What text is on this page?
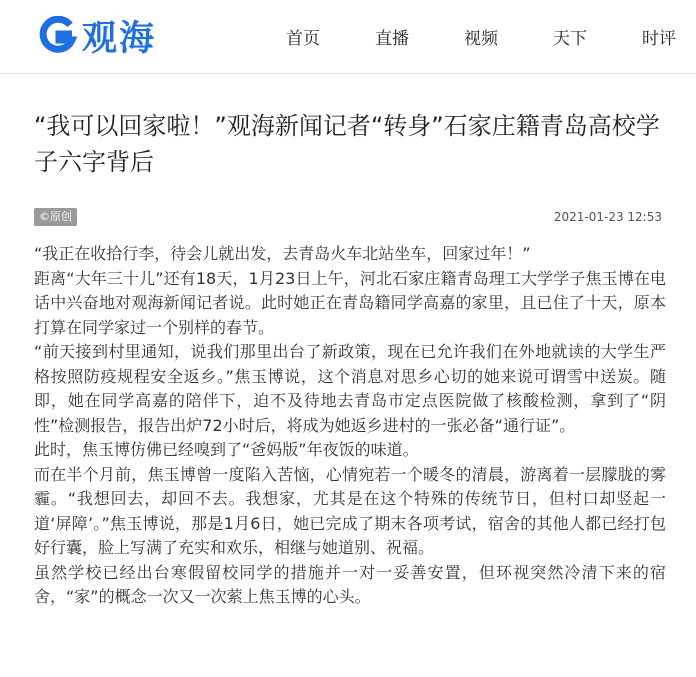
观海	首页	直播	视频	天下	时评
“我可以回家啦！”观海新闻记者“转身”石家庄籍青岛高校学子六字背后
©原创	2021-01-23 12:53

“我正在收拾行李，待会儿就出发，去青岛火车北站坐车，回家过年！”

距离“大年三十儿”还有18天，1月23日上午，河北石家庄籍青岛理工大学学子焦玉博在电话中兴奋地对观海新闻记者说。此时她正在青岛籍同学高嘉的家里，且已住了十天，原本打算在同学家过一个别样的春节。

“前天接到村里通知，说我们那里出台了新政策，现在已允许我们在外地就读的大学生严格按照防疫规程安全返乡。”焦玉博说，这个消息对思乡心切的她来说可谓雪中送炭。随即，她在同学高嘉的陪伴下，迫不及待地去青岛市定点医院做了核酸检测，拿到了“阴性”检测报告，报告出炉72小时后，将成为她返乡进村的一张必备“通行证”。

此时，焦玉博仿佛已经嗅到了“爸妈版”年夜饭的味道。

而在半个月前，焦玉博曾一度陷入苦恼，心情宛若一个暖冬的清晨，游离着一层朦胧的雾霾。“我想回去，却回不去。我想家，尤其是在这个特殊的传统节日，但村口却竖起一道‘屏障’。”焦玉博说，那是1月6日，她已完成了期末各项考试，宿舍的其他人都已经打包好行囊，脸上写满了充实和欢乐，相继与她道别、祝福。

虽然学校已经出台寒假留校同学的措施并一对一妥善安置，但环视突然冷清下来的宿舍，“家”的概念一次又一次萦上焦玉博的心头。
